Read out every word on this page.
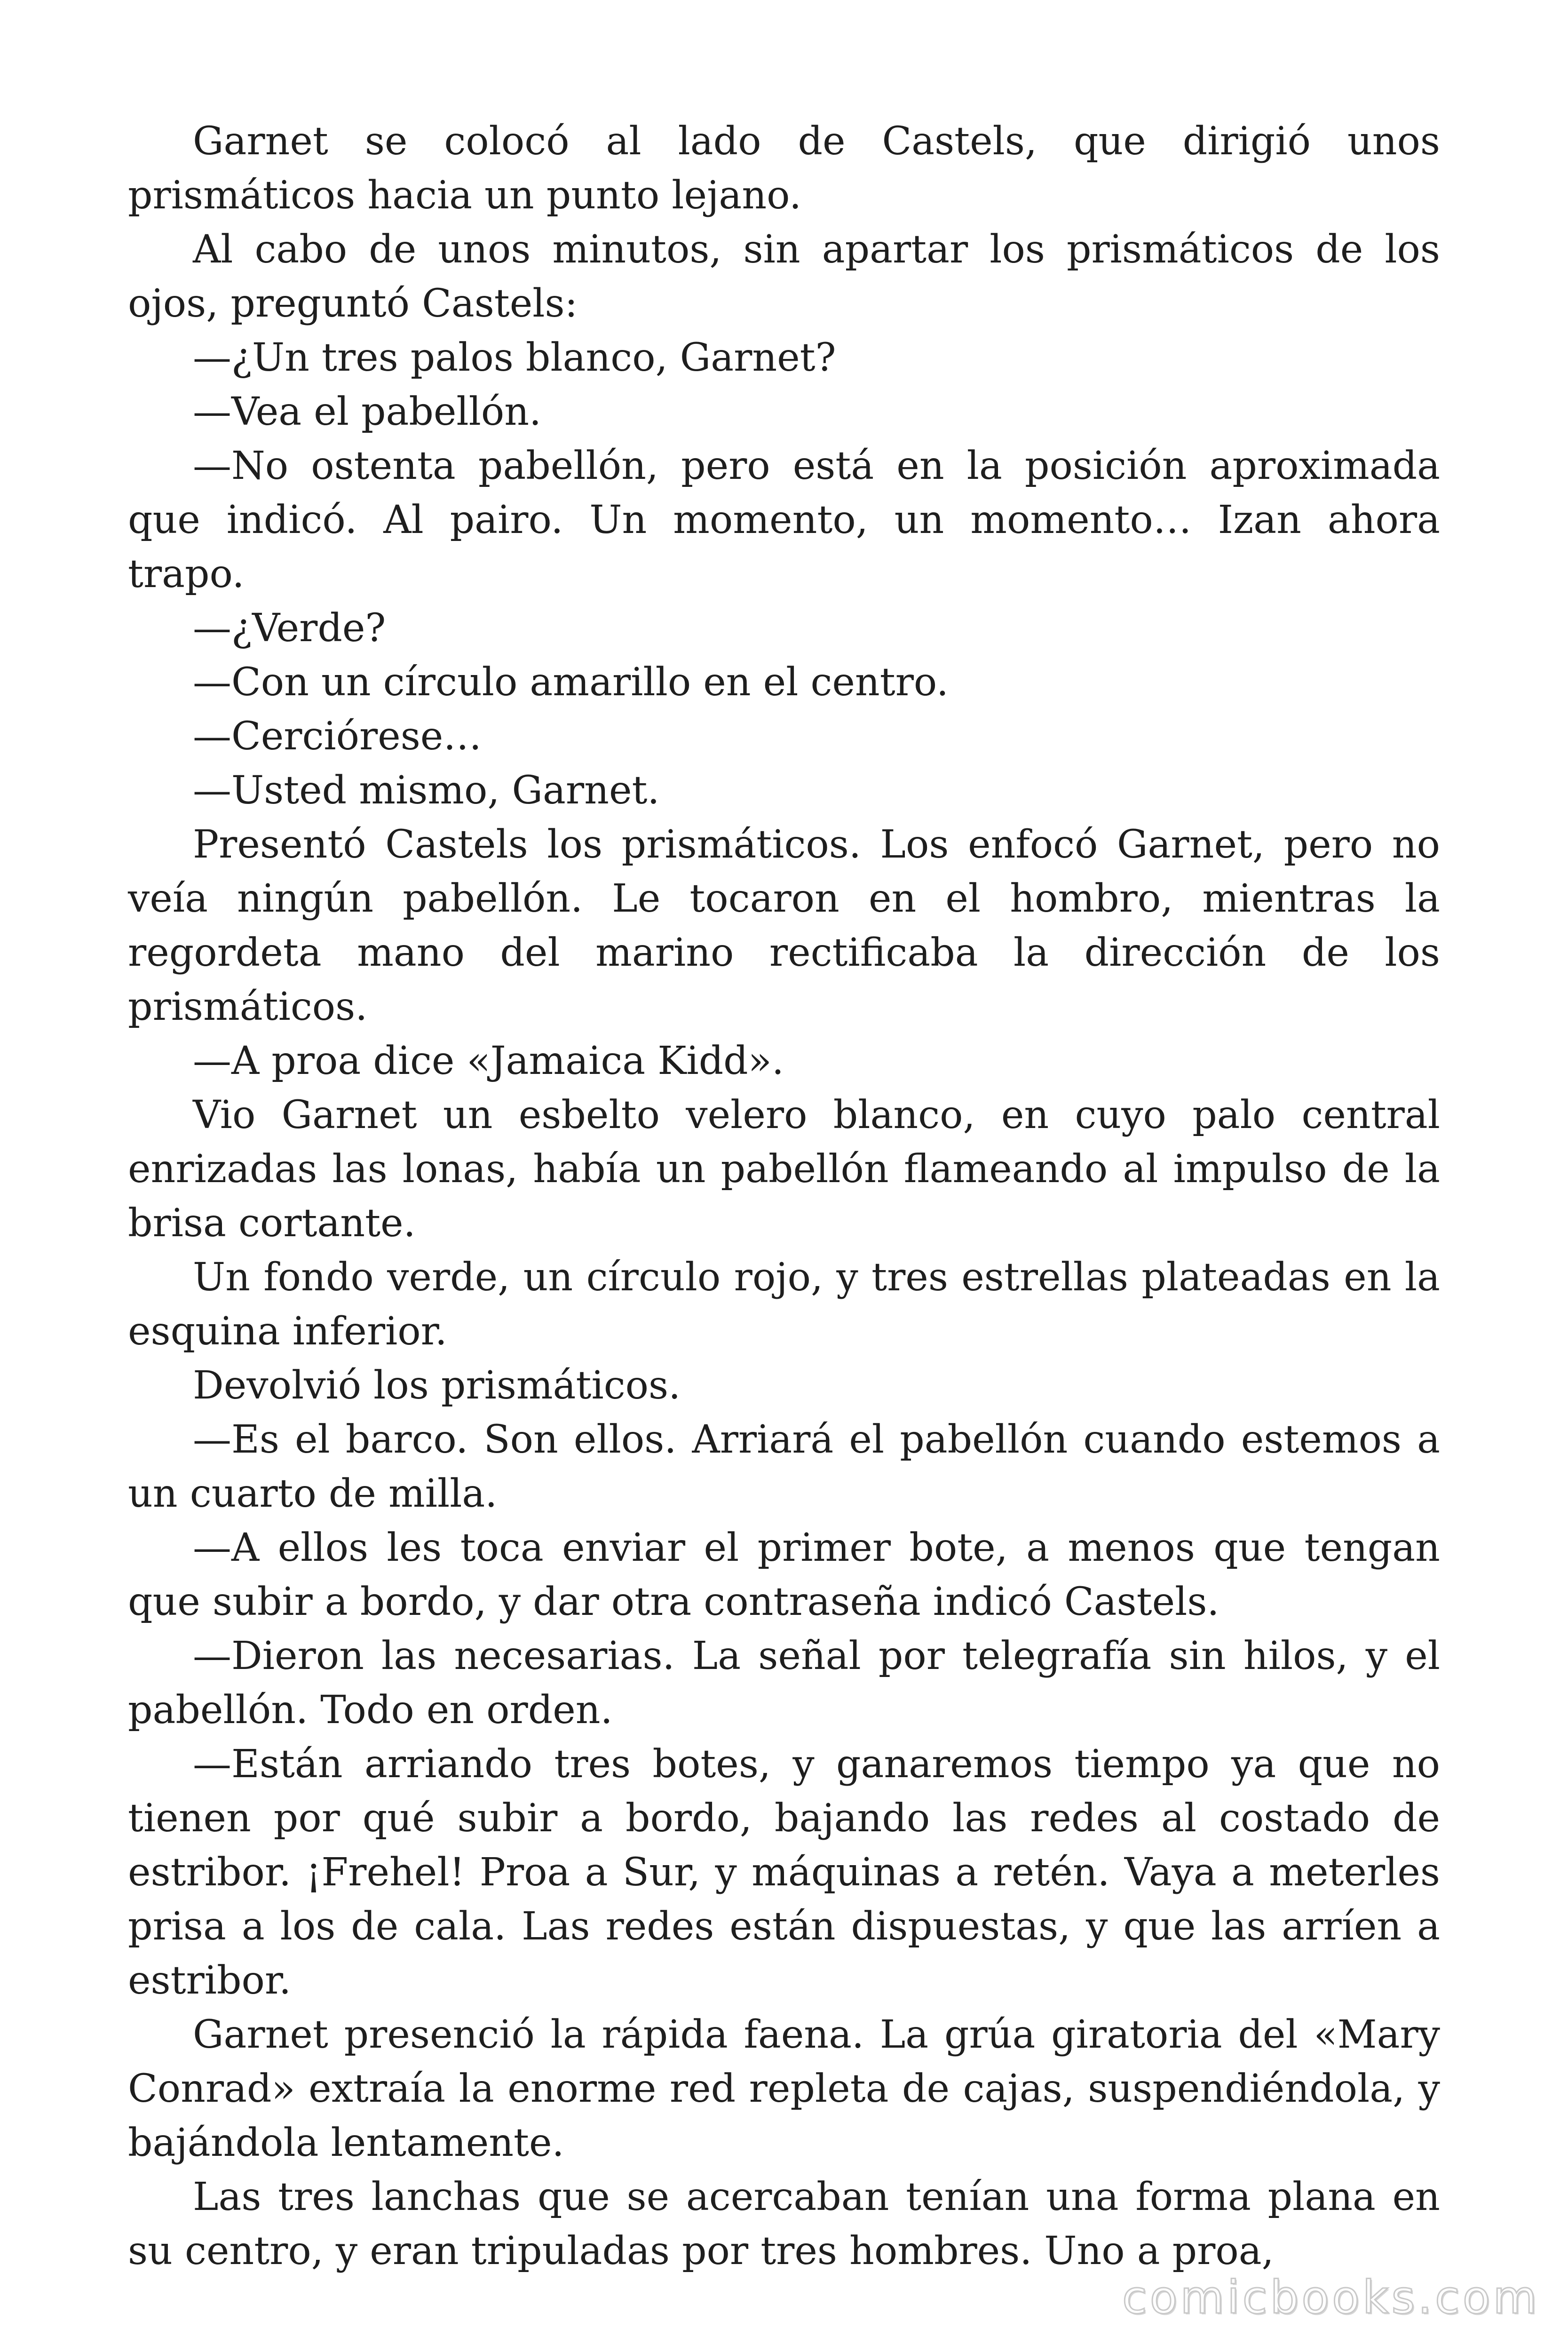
Garnet se colocó al lado de Castels, que dirigió unos prismáticos hacia un punto lejano.

Al cabo de unos minutos, sin apartar los prismáticos de los ojos, preguntó Castels:

—¿Un tres palos blanco, Garnet?

—Vea el pabellón.

—No ostenta pabellón, pero está en la posición aproximada que indicó. Al pairo. Un momento, un momento… Izan ahora trapo.

—¿Verde?

—Con un círculo amarillo en el centro.

—Cerciórese…

—Usted mismo, Garnet.

Presentó Castels los prismáticos. Los enfocó Garnet, pero no veía ningún pabellón. Le tocaron en el hombro, mientras la regordeta mano del marino rectificaba la dirección de los prismáticos.

—A proa dice «Jamaica Kidd».

Vio Garnet un esbelto velero blanco, en cuyo palo central enrizadas las lonas, había un pabellón flameando al impulso de la brisa cortante.

Un fondo verde, un círculo rojo, y tres estrellas plateadas en la esquina inferior.

Devolvió los prismáticos.

—Es el barco. Son ellos. Arriará el pabellón cuando estemos a un cuarto de milla.

—A ellos les toca enviar el primer bote, a menos que tengan que subir a bordo, y dar otra contraseña indicó Castels.

—Dieron las necesarias. La señal por telegrafía sin hilos, y el pabellón. Todo en orden.

—Están arriando tres botes, y ganaremos tiempo ya que no tienen por qué subir a bordo, bajando las redes al costado de estribor. ¡Frehel! Proa a Sur, y máquinas a retén. Vaya a meterles prisa a los de cala. Las redes están dispuestas, y que las arríen a estribor.

Garnet presenció la rápida faena. La grúa giratoria del «Mary Conrad» extraía la enorme red repleta de cajas, suspendiéndola, y bajándola lentamente.

Las tres lanchas que se acercaban tenían una forma plana en su centro, y eran tripuladas por tres hombres. Uno a proa,

comicbooks.com
